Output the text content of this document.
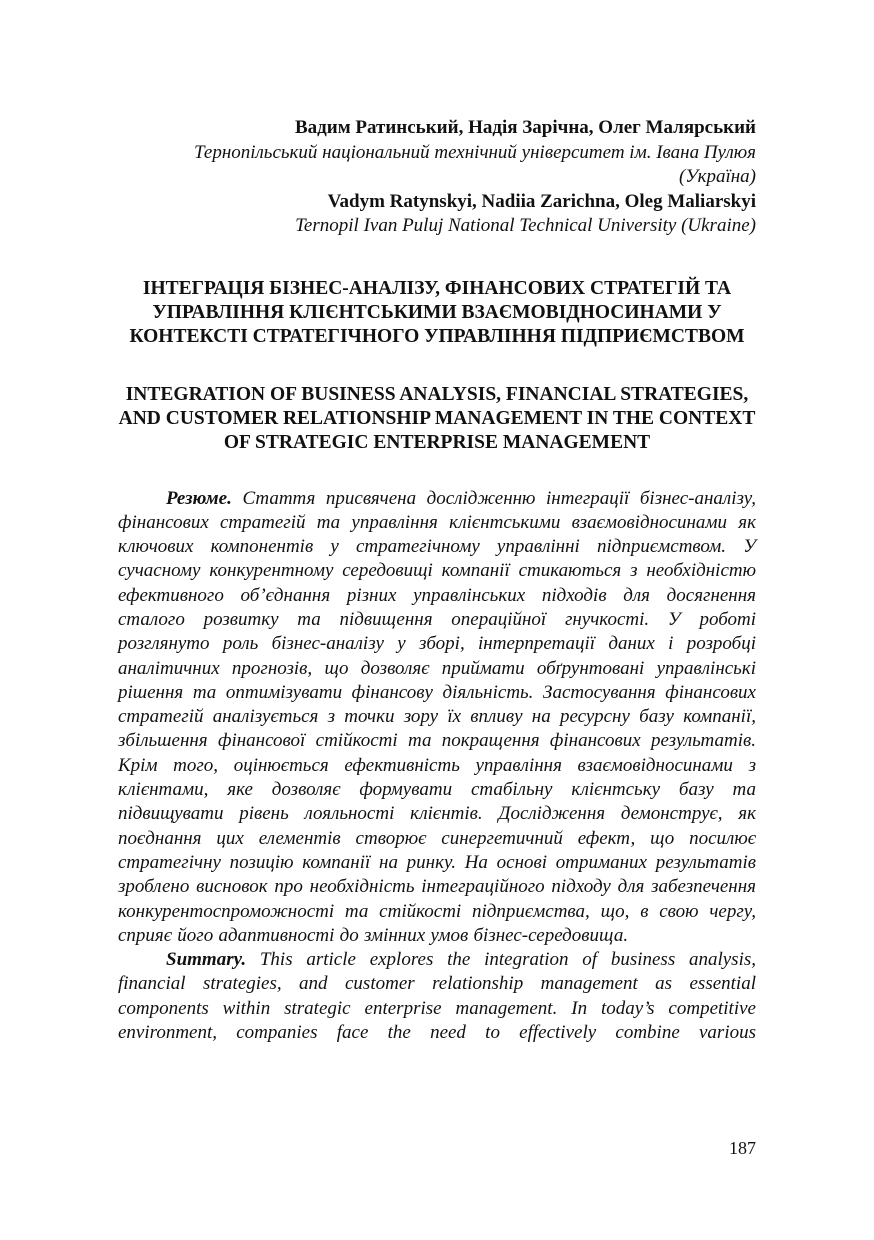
Вадим Ратинський, Надія Зарічна, Олег Малярський
Тернопільський національний технічний університет ім. Івана Пулюя (Україна)
Vadym Ratynskyi, Nadiia Zarichna, Oleg Maliarskyi
Ternopil Ivan Puluj National Technical University (Ukraine)
ІНТЕГРАЦІЯ БІЗНЕС-АНАЛІЗУ, ФІНАНСОВИХ СТРАТЕГІЙ ТА УПРАВЛІННЯ КЛІЄНТСЬКИМИ ВЗАЄМОВІДНОСИНАМИ У КОНТЕКСТІ СТРАТЕГІЧНОГО УПРАВЛІННЯ ПІДПРИЄМСТВОМ
INTEGRATION OF BUSINESS ANALYSIS, FINANCIAL STRATEGIES, AND CUSTOMER RELATIONSHIP MANAGEMENT IN THE CONTEXT OF STRATEGIC ENTERPRISE MANAGEMENT
Резюме. Стаття присвячена дослідженню інтеграції бізнес-аналізу, фінансових стратегій та управління клієнтськими взаємовідносинами як ключових компонентів у стратегічному управлінні підприємством. У сучасному конкурентному середовищі компанії стикаються з необхідністю ефективного об’єднання різних управлінських підходів для досягнення сталого розвитку та підвищення операційної гнучкості. У роботі розглянуто роль бізнес-аналізу у зборі, інтерпретації даних і розробці аналітичних прогнозів, що дозволяє приймати обґрунтовані управлінські рішення та оптимізувати фінансову діяльність. Застосування фінансових стратегій аналізується з точки зору їх впливу на ресурсну базу компанії, збільшення фінансової стійкості та покращення фінансових результатів. Крім того, оцінюється ефективність управління взаємовідносинами з клієнтами, яке дозволяє формувати стабільну клієнтську базу та підвищувати рівень лояльності клієнтів. Дослідження демонструє, як поєднання цих елементів створює синергетичний ефект, що посилює стратегічну позицію компанії на ринку. На основі отриманих результатів зроблено висновок про необхідність інтеграційного підходу для забезпечення конкурентоспроможності та стійкості підприємства, що, в свою чергу, сприяє його адаптивності до змінних умов бізнес-середовища.
Summary. This article explores the integration of business analysis, financial strategies, and customer relationship management as essential components within strategic enterprise management. In today’s competitive environment, companies face the need to effectively combine various
187
